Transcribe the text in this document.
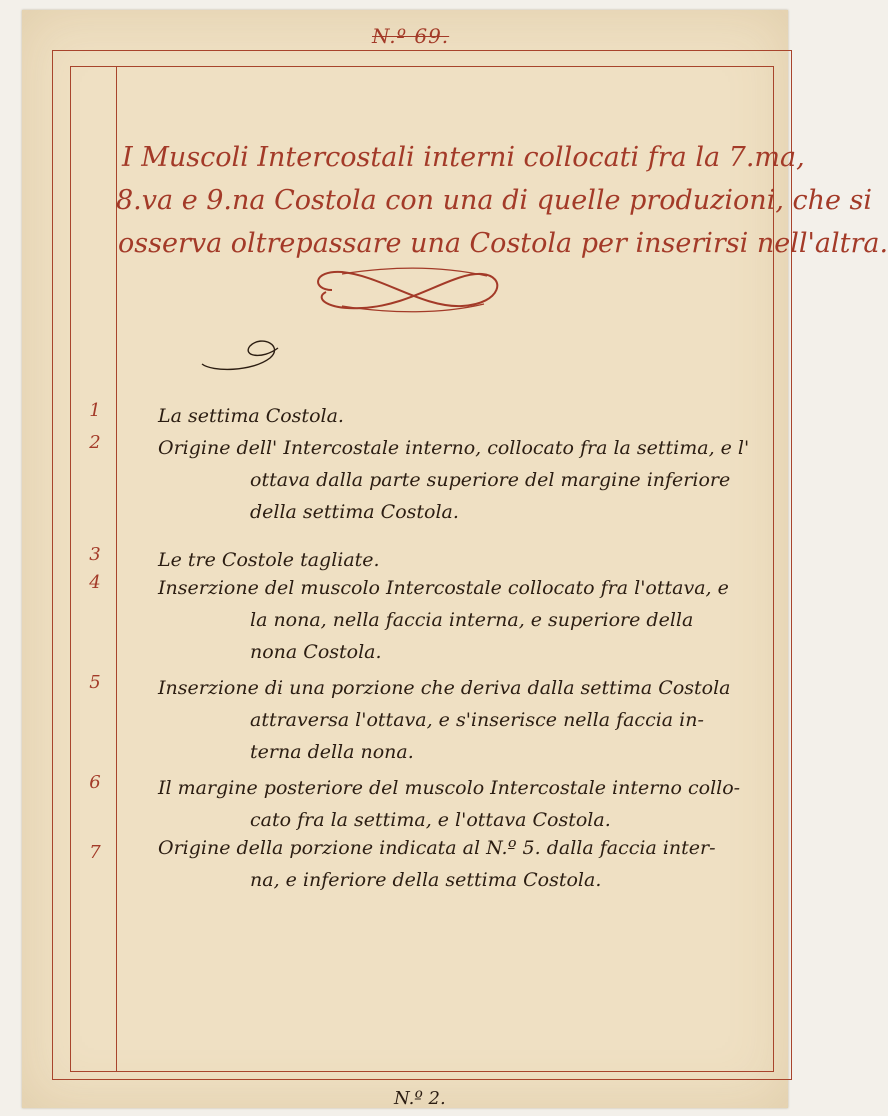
N.º 69.
I Muscoli Intercostali interni collocati fra la 7.ma,
8.va e 9.na Costola con una di quelle produzioni, che si
osserva oltrepassare una Costola per inserirsi nell'altra.
1	La settima Costola.
2	Origine dell' Intercostale interno, collocato fra la settima, e l'
ottava dalla parte superiore del margine inferiore
della settima Costola.
3	Le tre Costole tagliate.
4	Inserzione del muscolo Intercostale collocato fra l'ottava, e
la nona, nella faccia interna, e superiore della
nona Costola.
5	Inserzione di una porzione che deriva dalla settima Costola
attraversa l'ottava, e s'inserisce nella faccia in-
terna della nona.
6	Il margine posteriore del muscolo Intercostale interno collo-
cato fra la settima, e l'ottava Costola.
7	Origine della porzione indicata al N.º 5. dalla faccia inter-
na, e inferiore della settima Costola.
N.º 2.
